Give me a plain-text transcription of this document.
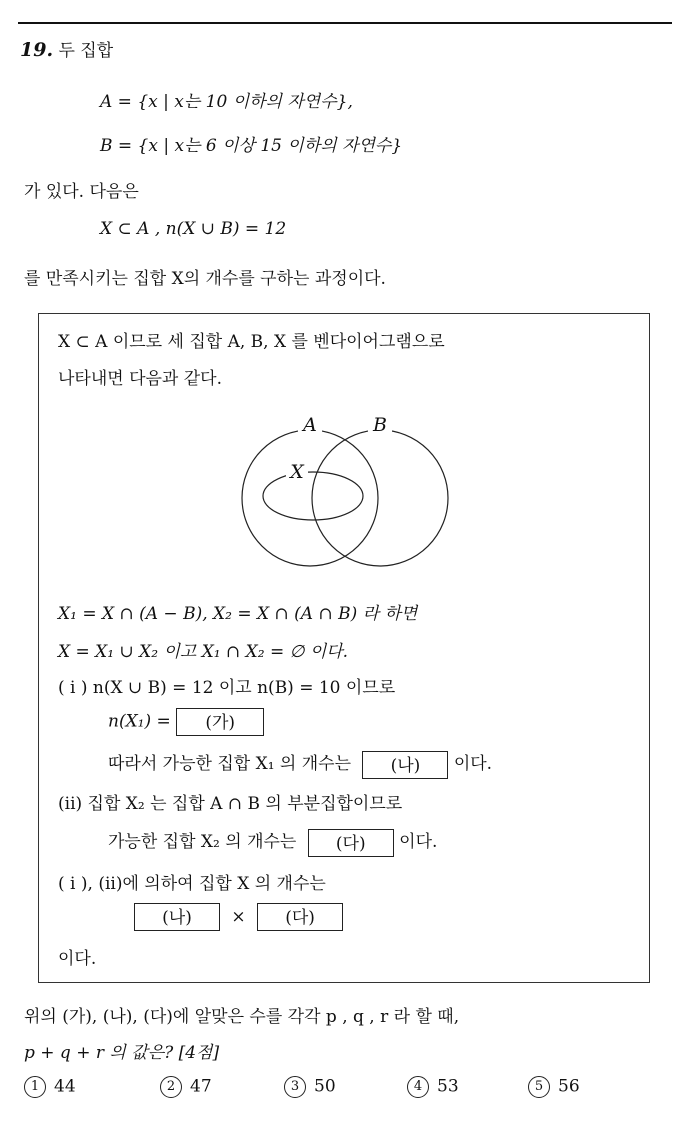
19. 두 집합
A = {x | x는 10 이하의 자연수},
B = {x | x는 6 이상 15 이하의 자연수}
가 있다. 다음은
X ⊂ A , n(X ∪ B) = 12
를 만족시키는 집합 X의 개수를 구하는 과정이다.
X ⊂ A 이므로 세 집합 A, B, X 를 벤다이어그램으로
나타내면 다음과 같다.
A	B
X
X₁ = X ∩ (A − B), X₂ = X ∩ (A ∩ B) 라 하면
X = X₁ ∪ X₂ 이고 X₁ ∩ X₂ = ∅ 이다.
( i ) n(X ∪ B) = 12 이고 n(B) = 10 이므로
n(X₁) = (가)
따라서 가능한 집합 X₁ 의 개수는 (나) 이다.
(ii) 집합 X₂ 는 집합 A ∩ B 의 부분집합이므로
가능한 집합 X₂ 의 개수는 (다) 이다.
( i ), (ii)에 의하여 집합 X 의 개수는
(나) × (다)
이다.
위의 (가), (나), (다)에 알맞은 수를 각각 p , q , r 라 할 때,
p + q + r 의 값은? [4점]
1 44	2 47	3 50	4 53	5 56
